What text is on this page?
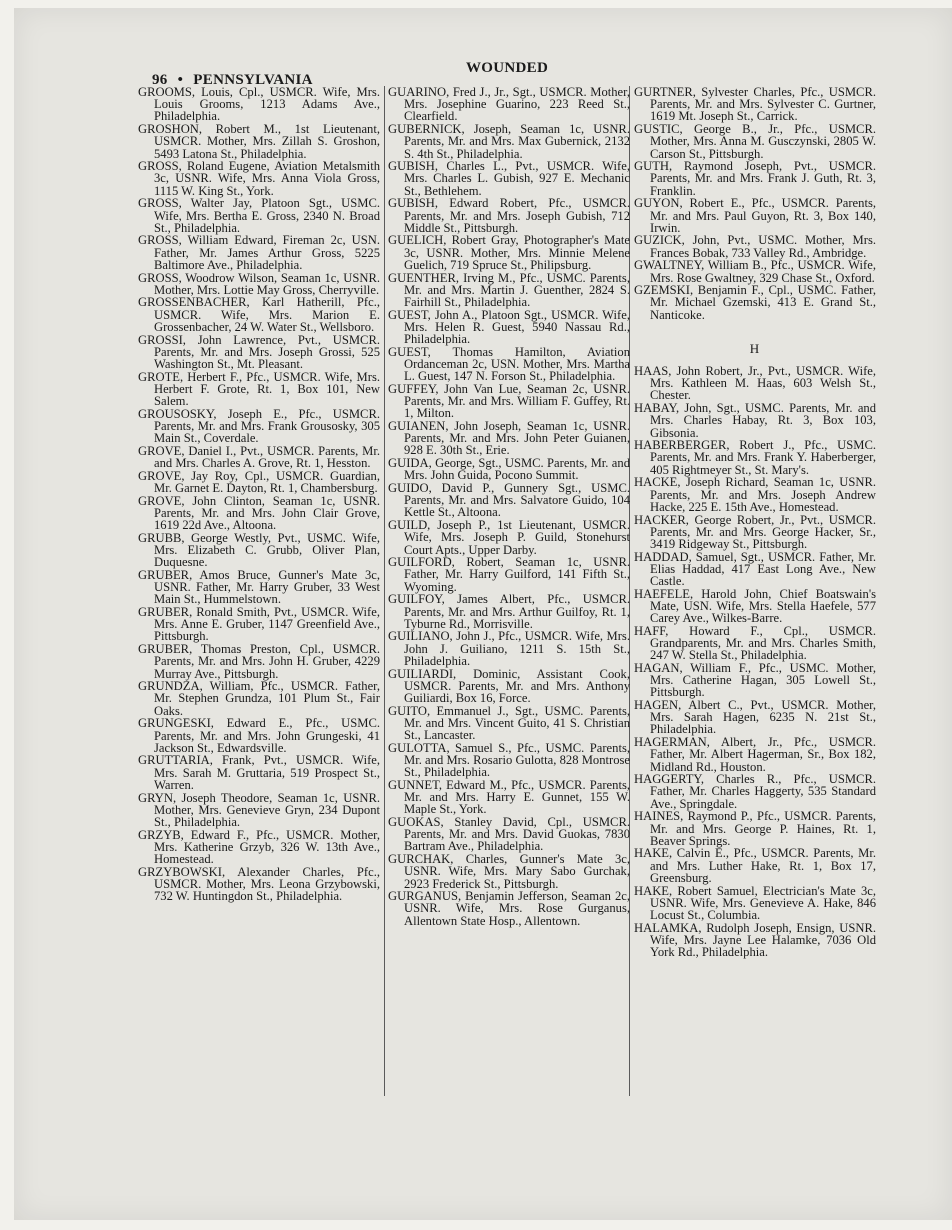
96 • PENNSYLVANIA
WOUNDED
GROOMS, Louis, Cpl., USMCR. Wife, Mrs. Louis Grooms, 1213 Adams Ave., Philadelphia.
GROSHON, Robert M., 1st Lieutenant, USMCR. Mother, Mrs. Zillah S. Groshon, 5493 Latona St., Philadelphia.
GROSS, Roland Eugene, Aviation Metalsmith 3c, USNR. Wife, Mrs. Anna Viola Gross, 1115 W. King St., York.
GROSS, Walter Jay, Platoon Sgt., USMC. Wife, Mrs. Bertha E. Gross, 2340 N. Broad St., Philadelphia.
GROSS, William Edward, Fireman 2c, USN. Father, Mr. James Arthur Gross, 5225 Baltimore Ave., Philadelphia.
GROSS, Woodrow Wilson, Seaman 1c, USNR. Mother, Mrs. Lottie May Gross, Cherryville.
GROSSENBACHER, Karl Hatherill, Pfc., USMCR. Wife, Mrs. Marion E. Grossenbacher, 24 W. Water St., Wellsboro.
GROSSI, John Lawrence, Pvt., USMCR. Parents, Mr. and Mrs. Joseph Grossi, 525 Washington St., Mt. Pleasant.
GROTE, Herbert F., Pfc., USMCR. Wife, Mrs. Herbert F. Grote, Rt. 1, Box 101, New Salem.
GROUSOSKY, Joseph E., Pfc., USMCR. Parents, Mr. and Mrs. Frank Grousosky, 305 Main St., Coverdale.
GROVE, Daniel I., Pvt., USMCR. Parents, Mr. and Mrs. Charles A. Grove, Rt. 1, Hesston.
GROVE, Jay Roy, Cpl., USMCR. Guardian, Mr. Garnet E. Dayton, Rt. 1, Chambersburg.
GROVE, John Clinton, Seaman 1c, USNR. Parents, Mr. and Mrs. John Clair Grove, 1619 22d Ave., Altoona.
GRUBB, George Westly, Pvt., USMC. Wife, Mrs. Elizabeth C. Grubb, Oliver Plan, Duquesne.
GRUBER, Amos Bruce, Gunner's Mate 3c, USNR. Father, Mr. Harry Gruber, 33 West Main St., Hummelstown.
GRUBER, Ronald Smith, Pvt., USMCR. Wife, Mrs. Anne E. Gruber, 1147 Greenfield Ave., Pittsburgh.
GRUBER, Thomas Preston, Cpl., USMCR. Parents, Mr. and Mrs. John H. Gruber, 4229 Murray Ave., Pittsburgh.
GRUNDZA, William, Pfc., USMCR. Father, Mr. Stephen Grundza, 101 Plum St., Fair Oaks.
GRUNGESKI, Edward E., Pfc., USMC. Parents, Mr. and Mrs. John Grungeski, 41 Jackson St., Edwardsville.
GRUTTARIA, Frank, Pvt., USMCR. Wife, Mrs. Sarah M. Gruttaria, 519 Prospect St., Warren.
GRYN, Joseph Theodore, Seaman 1c, USNR. Mother, Mrs. Genevieve Gryn, 234 Dupont St., Philadelphia.
GRZYB, Edward F., Pfc., USMCR. Mother, Mrs. Katherine Grzyb, 326 W. 13th Ave., Homestead.
GRZYBOWSKI, Alexander Charles, Pfc., USMCR. Mother, Mrs. Leona Grzybowski, 732 W. Huntingdon St., Philadelphia.
GUARINO, Fred J., Jr., Sgt., USMCR. Mother, Mrs. Josephine Guarino, 223 Reed St., Clearfield.
GUBERNICK, Joseph, Seaman 1c, USNR. Parents, Mr. and Mrs. Max Gubernick, 2132 S. 4th St., Philadelphia.
GUBISH, Charles L., Pvt., USMCR. Wife, Mrs. Charles L. Gubish, 927 E. Mechanic St., Bethlehem.
GUBISH, Edward Robert, Pfc., USMCR. Parents, Mr. and Mrs. Joseph Gubish, 712 Middle St., Pittsburgh.
GUELICH, Robert Gray, Photographer's Mate 3c, USNR. Mother, Mrs. Minnie Melene Guelich, 719 Spruce St., Philipsburg.
GUENTHER, Irving M., Pfc., USMC. Parents, Mr. and Mrs. Martin J. Guenther, 2824 S. Fairhill St., Philadelphia.
GUEST, John A., Platoon Sgt., USMCR. Wife, Mrs. Helen R. Guest, 5940 Nassau Rd., Philadelphia.
GUEST, Thomas Hamilton, Aviation Ordanceman 2c, USN. Mother, Mrs. Martha L. Guest, 147 N. Forson St., Philadelphia.
GUFFEY, John Van Lue, Seaman 2c, USNR. Parents, Mr. and Mrs. William F. Guffey, Rt. 1, Milton.
GUIANEN, John Joseph, Seaman 1c, USNR. Parents, Mr. and Mrs. John Peter Guianen, 928 E. 30th St., Erie.
GUIDA, George, Sgt., USMC. Parents, Mr. and Mrs. John Guida, Pocono Summit.
GUIDO, David P., Gunnery Sgt., USMC. Parents, Mr. and Mrs. Salvatore Guido, 104 Kettle St., Altoona.
GUILD, Joseph P., 1st Lieutenant, USMCR. Wife, Mrs. Joseph P. Guild, Stonehurst Court Apts., Upper Darby.
GUILFORD, Robert, Seaman 1c, USNR. Father, Mr. Harry Guilford, 141 Fifth St., Wyoming.
GUILFOY, James Albert, Pfc., USMCR. Parents, Mr. and Mrs. Arthur Guilfoy, Rt. 1, Tyburne Rd., Morrisville.
GUILIANO, John J., Pfc., USMCR. Wife, Mrs. John J. Guiliano, 1211 S. 15th St., Philadelphia.
GUILIARDI, Dominic, Assistant Cook, USMCR. Parents, Mr. and Mrs. Anthony Guiliardi, Box 16, Force.
GUITO, Emmanuel J., Sgt., USMC. Parents, Mr. and Mrs. Vincent Guito, 41 S. Christian St., Lancaster.
GULOTTA, Samuel S., Pfc., USMC. Parents, Mr. and Mrs. Rosario Gulotta, 828 Montrose St., Philadelphia.
GUNNET, Edward M., Pfc., USMCR. Parents, Mr. and Mrs. Harry E. Gunnet, 155 W. Maple St., York.
GUOKAS, Stanley David, Cpl., USMCR. Parents, Mr. and Mrs. David Guokas, 7830 Bartram Ave., Philadelphia.
GURCHAK, Charles, Gunner's Mate 3c, USNR. Wife, Mrs. Mary Sabo Gurchak, 2923 Frederick St., Pittsburgh.
GURGANUS, Benjamin Jefferson, Seaman 2c, USNR. Wife, Mrs. Rose Gurganus, Allentown State Hosp., Allentown.
GURTNER, Sylvester Charles, Pfc., USMCR. Parents, Mr. and Mrs. Sylvester C. Gurtner, 1619 Mt. Joseph St., Carrick.
GUSTIC, George B., Jr., Pfc., USMCR. Mother, Mrs. Anna M. Gusczynski, 2805 W. Carson St., Pittsburgh.
GUTH, Raymond Joseph, Pvt., USMCR. Parents, Mr. and Mrs. Frank J. Guth, Rt. 3, Franklin.
GUYON, Robert E., Pfc., USMCR. Parents, Mr. and Mrs. Paul Guyon, Rt. 3, Box 140, Irwin.
GUZICK, John, Pvt., USMC. Mother, Mrs. Frances Bobak, 733 Valley Rd., Ambridge.
GWALTNEY, William B., Pfc., USMCR. Wife, Mrs. Rose Gwaltney, 329 Chase St., Oxford.
GZEMSKI, Benjamin F., Cpl., USMC. Father, Mr. Michael Gzemski, 413 E. Grand St., Nanticoke.
H
HAAS, John Robert, Jr., Pvt., USMCR. Wife, Mrs. Kathleen M. Haas, 603 Welsh St., Chester.
HABAY, John, Sgt., USMC. Parents, Mr. and Mrs. Charles Habay, Rt. 3, Box 103, Gibsonia.
HABERBERGER, Robert J., Pfc., USMC. Parents, Mr. and Mrs. Frank Y. Haberberger, 405 Rightmeyer St., St. Mary's.
HACKE, Joseph Richard, Seaman 1c, USNR. Parents, Mr. and Mrs. Joseph Andrew Hacke, 225 E. 15th Ave., Homestead.
HACKER, George Robert, Jr., Pvt., USMCR. Parents, Mr. and Mrs. George Hacker, Sr., 3419 Ridgeway St., Pittsburgh.
HADDAD, Samuel, Sgt., USMCR. Father, Mr. Elias Haddad, 417 East Long Ave., New Castle.
HAEFELE, Harold John, Chief Boatswain's Mate, USN. Wife, Mrs. Stella Haefele, 577 Carey Ave., Wilkes-Barre.
HAFF, Howard F., Cpl., USMCR. Grandparents, Mr. and Mrs. Charles Smith, 247 W. Stella St., Philadelphia.
HAGAN, William F., Pfc., USMC. Mother, Mrs. Catherine Hagan, 305 Lowell St., Pittsburgh.
HAGEN, Albert C., Pvt., USMCR. Mother, Mrs. Sarah Hagen, 6235 N. 21st St., Philadelphia.
HAGERMAN, Albert, Jr., Pfc., USMCR. Father, Mr. Albert Hagerman, Sr., Box 182, Midland Rd., Houston.
HAGGERTY, Charles R., Pfc., USMCR. Father, Mr. Charles Haggerty, 535 Standard Ave., Springdale.
HAINES, Raymond P., Pfc., USMCR. Parents, Mr. and Mrs. George P. Haines, Rt. 1, Beaver Springs.
HAKE, Calvin E., Pfc., USMCR. Parents, Mr. and Mrs. Luther Hake, Rt. 1, Box 17, Greensburg.
HAKE, Robert Samuel, Electrician's Mate 3c, USNR. Wife, Mrs. Genevieve A. Hake, 846 Locust St., Columbia.
HALAMKA, Rudolph Joseph, Ensign, USNR. Wife, Mrs. Jayne Lee Halamke, 7036 Old York Rd., Philadelphia.
